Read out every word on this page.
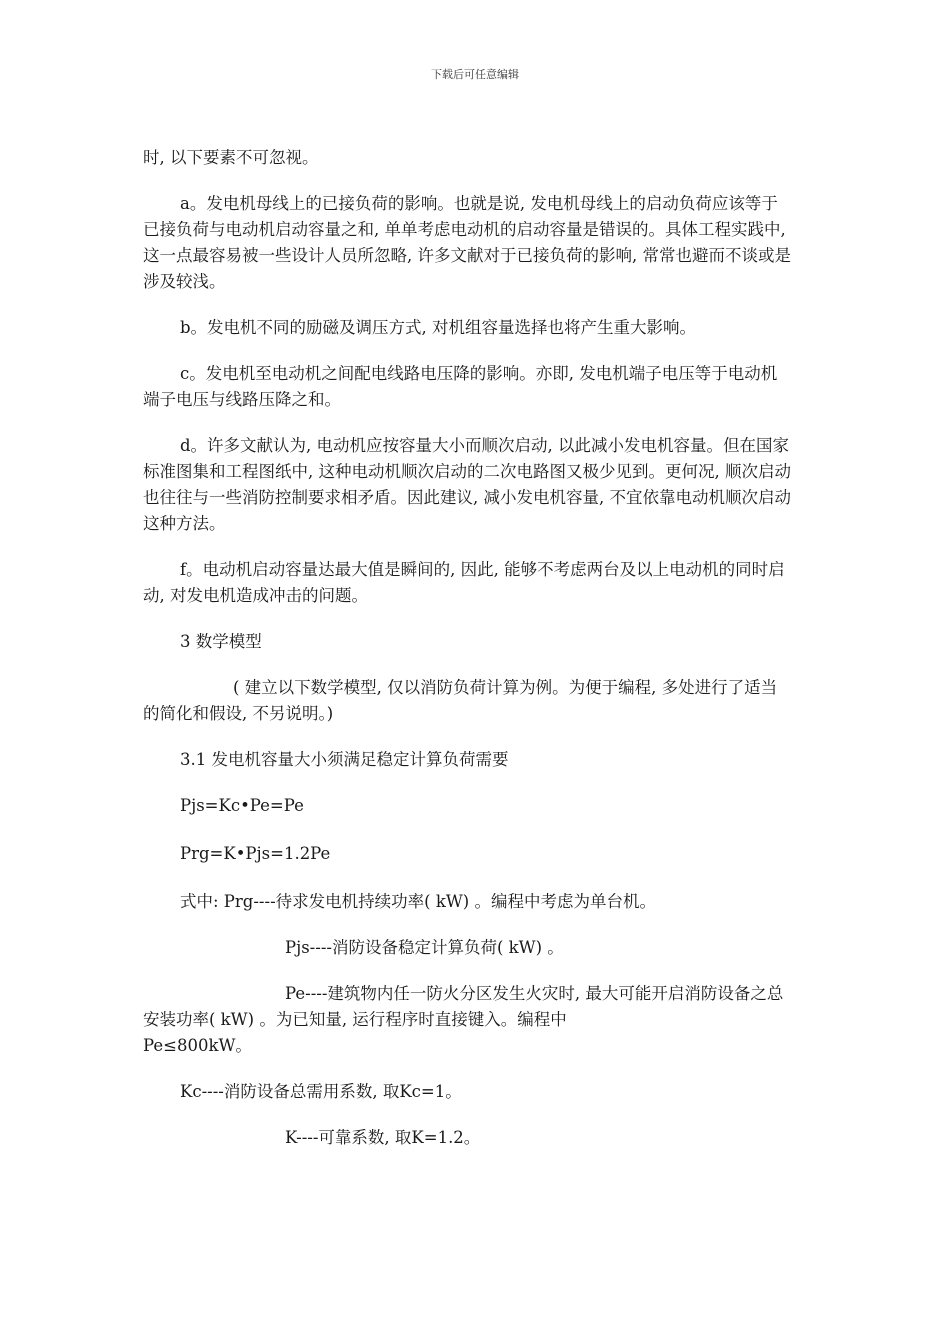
下载后可任意编辑

时, 以下要素不可忽视。

a。发电机母线上的已接负荷的影响。也就是说, 发电机母线上的启动负荷应该等于已接负荷与电动机启动容量之和, 单单考虑电动机的启动容量是错误的。具体工程实践中, 这一点最容易被一些设计人员所忽略, 许多文献对于已接负荷的影响, 常常也避而不谈或是涉及较浅。

b。发电机不同的励磁及调压方式, 对机组容量选择也将产生重大影响。

c。发电机至电动机之间配电线路电压降的影响。亦即, 发电机端子电压等于电动机端子电压与线路压降之和。

d。许多文献认为, 电动机应按容量大小而顺次启动, 以此减小发电机容量。但在国家标准图集和工程图纸中, 这种电动机顺次启动的二次电路图又极少见到。更何况, 顺次启动也往往与一些消防控制要求相矛盾。因此建议, 减小发电机容量, 不宜依靠电动机顺次启动这种方法。

f。电动机启动容量达最大值是瞬间的, 因此, 能够不考虑两台及以上电动机的同时启动, 对发电机造成冲击的问题。

3 数学模型

( 建立以下数学模型, 仅以消防负荷计算为例。为便于编程, 多处进行了适当的简化和假设, 不另说明。)

3.1 发电机容量大小须满足稳定计算负荷需要

Pjs=Kc•Pe=Pe

Prg=K•Pjs=1.2Pe

式中: Prg----待求发电机持续功率( kW) 。编程中考虑为单台机。

Pjs----消防设备稳定计算负荷( kW) 。

Pe----建筑物内任一防火分区发生火灾时, 最大可能开启消防设备之总安装功率( kW) 。为已知量, 运行程序时直接键入。编程中

Pe≤800kW。

Kc----消防设备总需用系数, 取Kc=1。

K----可靠系数, 取K=1.2。
